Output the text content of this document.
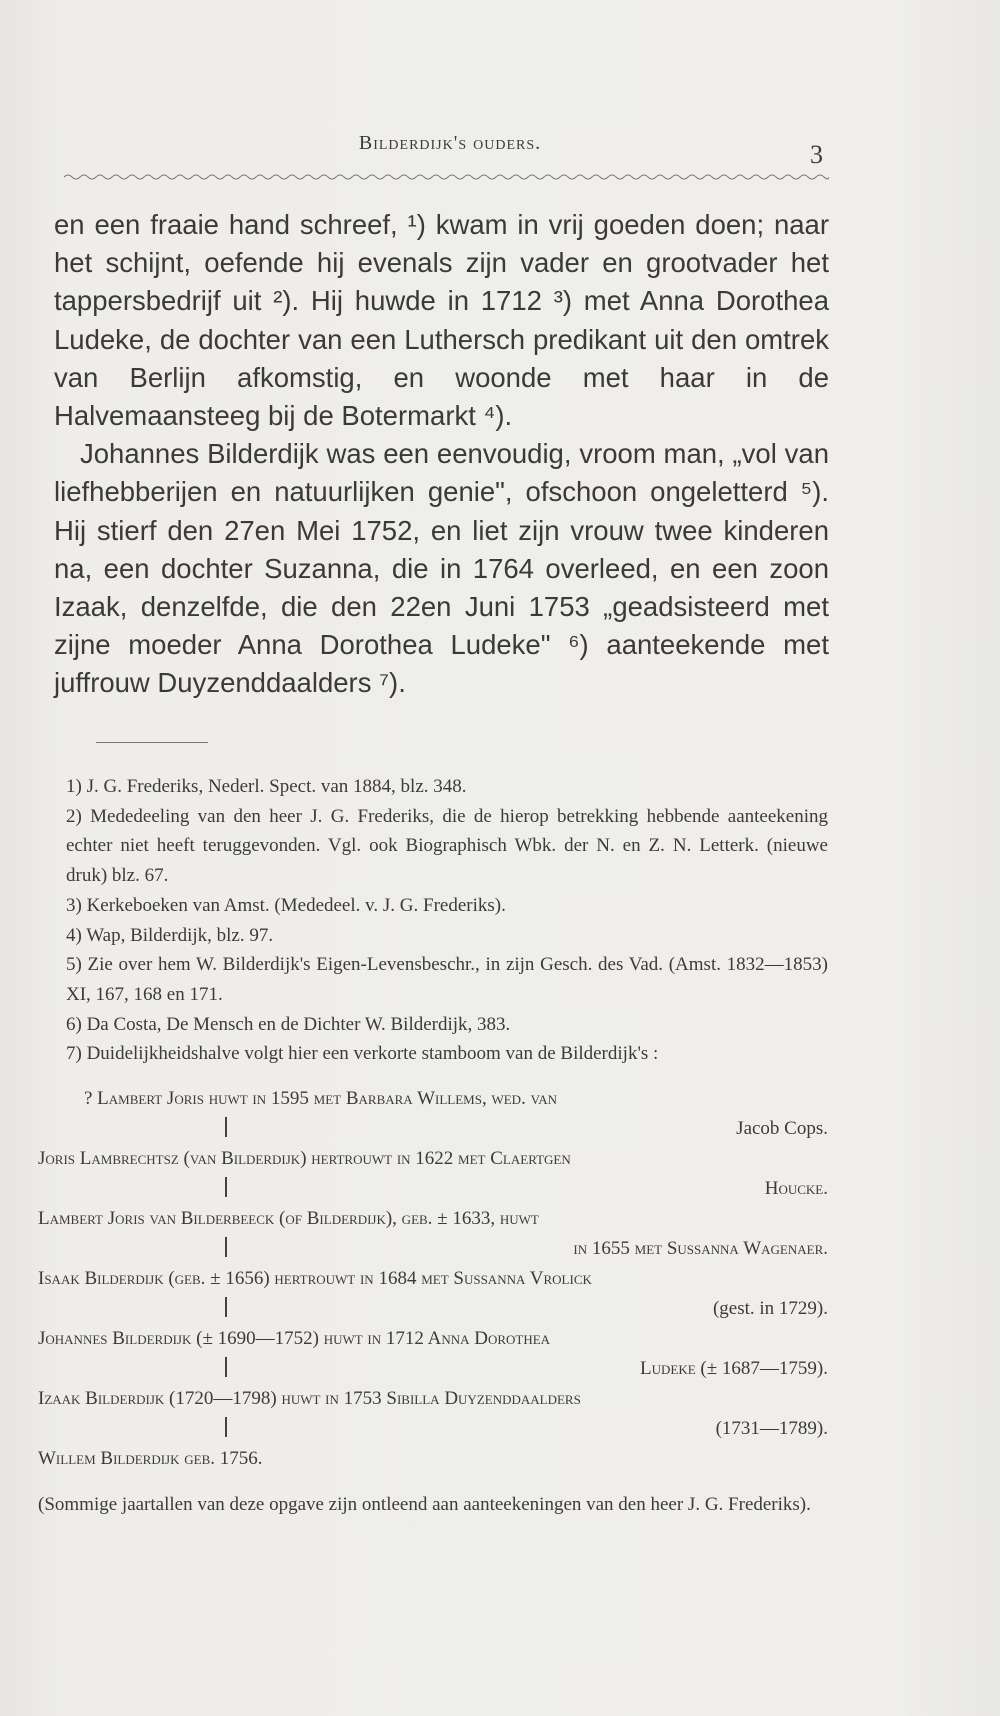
Bilderdijk's ouders.	3

en een fraaie hand schreef, ¹) kwam in vrij goeden doen; naar het schijnt, oefende hij evenals zijn vader en grootvader het tappersbedrijf uit ²). Hij huwde in 1712 ³) met Anna Dorothea Ludeke, de dochter van een Luthersch predikant uit den omtrek van Berlijn afkomstig, en woonde met haar in de Halvemaansteeg bij de Botermarkt ⁴).

Johannes Bilderdijk was een eenvoudig, vroom man, „vol van liefhebberijen en natuurlijken genie", ofschoon ongeletterd ⁵). Hij stierf den 27en Mei 1752, en liet zijn vrouw twee kinderen na, een dochter Suzanna, die in 1764 overleed, en een zoon Izaak, denzelfde, die den 22en Juni 1753 „geadsisteerd met zijne moeder Anna Dorothea Ludeke" ⁶) aanteekende met juffrouw Duyzenddaalders ⁷).

1) J. G. Frederiks, Nederl. Spect. van 1884, blz. 348.

2) Mededeeling van den heer J. G. Frederiks, die de hierop betrekking hebbende aanteekening echter niet heeft teruggevonden. Vgl. ook Biographisch Wbk. der N. en Z. N. Letterk. (nieuwe druk) blz. 67.

3) Kerkeboeken van Amst. (Mededeel. v. J. G. Frederiks).

4) Wap, Bilderdijk, blz. 97.

5) Zie over hem W. Bilderdijk's Eigen-Levensbeschr., in zijn Gesch. des Vad. (Amst. 1832—1853) XI, 167, 168 en 171.

6) Da Costa, De Mensch en de Dichter W. Bilderdijk, 383.

7) Duidelijkheidshalve volgt hier een verkorte stamboom van de Bilderdijk's :

? Lambert Joris huwt in 1595 met Barbara Willems, wed. van
Jacob Cops.
Joris Lambrechtsz (van Bilderdijk) hertrouwt in 1622 met Claertgen
Houcke.
Lambert Joris van Bilderbeeck (of Bilderdijk), geb. ± 1633, huwt
in 1655 met Sussanna Wagenaer.
Isaak Bilderdijk (geb. ± 1656) hertrouwt in 1684 met Sussanna Vrolick
(gest. in 1729).
Johannes Bilderdijk (± 1690—1752) huwt in 1712 Anna Dorothea
Ludeke (± 1687—1759).
Izaak Bilderdijk (1720—1798) huwt in 1753 Sibilla Duyzenddaalders
(1731—1789).
Willem Bilderdijk geb. 1756.
(Sommige jaartallen van deze opgave zijn ontleend aan aanteekeningen van den heer J. G. Frederiks).
